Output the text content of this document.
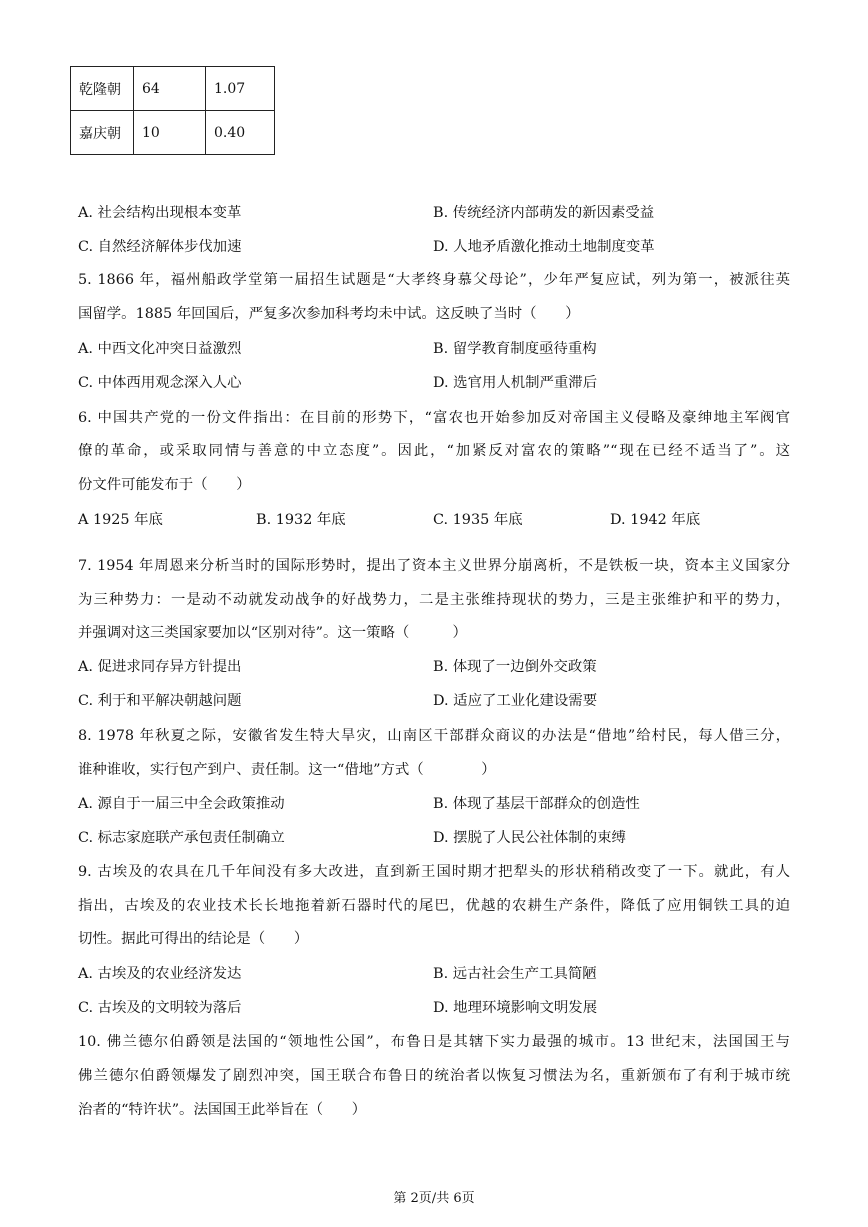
乾隆朝	64	1.07
嘉庆朝	10	0.40
A. 社会结构出现根本变革	B. 传统经济内部萌发的新因素受益
C. 自然经济解体步伐加速	D. 人地矛盾激化推动土地制度变革
5. 1866 年，福州船政学堂第一届招生试题是“大孝终身慕父母论”，少年严复应试，列为第一，被派往英
国留学。1885 年回国后，严复多次参加科考均未中试。这反映了当时（　　）
A. 中西文化冲突日益激烈	B. 留学教育制度亟待重构
C. 中体西用观念深入人心	D. 选官用人机制严重滞后
6. 中国共产党的一份文件指出：在目前的形势下，“富农也开始参加反对帝国主义侵略及豪绅地主军阀官
僚的革命，或采取同情与善意的中立态度”。因此，“加紧反对富农的策略”“现在已经不适当了”。这
份文件可能发布于（　　）
A 1925 年底	B. 1932 年底	C. 1935 年底	D. 1942 年底
7. 1954 年周恩来分析当时的国际形势时，提出了资本主义世界分崩离析，不是铁板一块，资本主义国家分
为三种势力：一是动不动就发动战争的好战势力，二是主张维持现状的势力，三是主张维护和平的势力，
并强调对这三类国家要加以“区别对待”。这一策略（　　　）
A. 促进求同存异方针提出	B. 体现了一边倒外交政策
C. 利于和平解决朝越问题	D. 适应了工业化建设需要
8. 1978 年秋夏之际，安徽省发生特大旱灾，山南区干部群众商议的办法是“借地”给村民，每人借三分，
谁种谁收，实行包产到户、责任制。这一“借地”方式（　　　　）
A. 源自于一届三中全会政策推动	B. 体现了基层干部群众的创造性
C. 标志家庭联产承包责任制确立	D. 摆脱了人民公社体制的束缚
9. 古埃及的农具在几千年间没有多大改进，直到新王国时期才把犁头的形状稍稍改变了一下。就此，有人
指出，古埃及的农业技术长长地拖着新石器时代的尾巴，优越的农耕生产条件，降低了应用铜铁工具的迫
切性。据此可得出的结论是（　　）
A. 古埃及的农业经济发达	B. 远古社会生产工具简陋
C. 古埃及的文明较为落后	D. 地理环境影响文明发展
10. 佛兰德尔伯爵领是法国的“领地性公国”，布鲁日是其辖下实力最强的城市。13 世纪末，法国国王与
佛兰德尔伯爵领爆发了剧烈冲突，国王联合布鲁日的统治者以恢复习惯法为名，重新颁布了有利于城市统
治者的“特许状”。法国国王此举旨在（　　）
第 2页/共 6页
